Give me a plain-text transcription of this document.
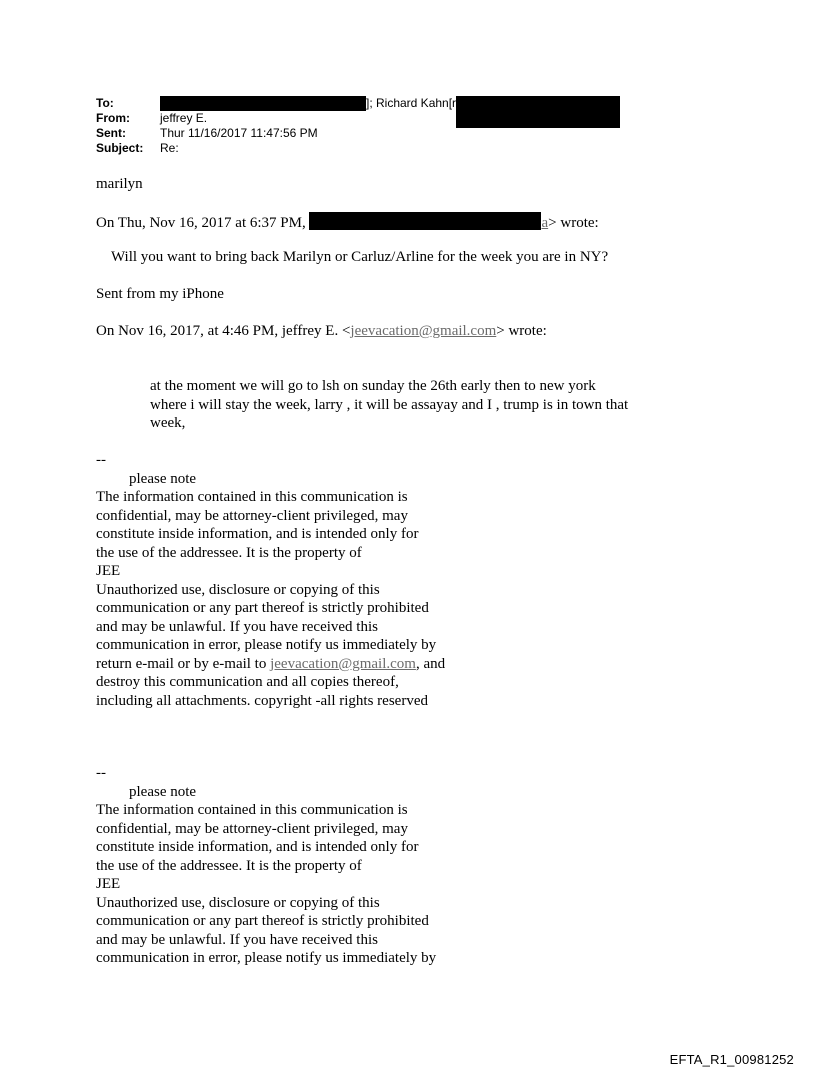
To:	]; Richard Kahn[r
From:	jeffrey E.
Sent:	Thur 11/16/2017 11:47:56 PM
Subject: Re:
marilyn
On Thu, Nov 16, 2017 at 6:37 PM,	a> wrote:
Will you want to bring back Marilyn or Carluz/Arline for the week you are in NY?
Sent from my iPhone
On Nov 16, 2017, at 4:46 PM, jeffrey E. <jeevacation@gmail.com> wrote:
at the moment we will go to lsh on sunday the 26th early then to new york
where i will stay the week, larry , it will be assayay and I , trump is in town that
week,
--
please note
The information contained in this communication is
confidential, may be attorney-client privileged, may
constitute inside information, and is intended only for
the use of the addressee. It is the property of
JEE
Unauthorized use, disclosure or copying of this
communication or any part thereof is strictly prohibited
and may be unlawful. If you have received this
communication in error, please notify us immediately by
return e-mail or by e-mail to jeevacation@gmail.com, and
destroy this communication and all copies thereof,
including all attachments. copyright -all rights reserved
--
please note
The information contained in this communication is
confidential, may be attorney-client privileged, may
constitute inside information, and is intended only for
the use of the addressee. It is the property of
JEE
Unauthorized use, disclosure or copying of this
communication or any part thereof is strictly prohibited
and may be unlawful. If you have received this
communication in error, please notify us immediately by
EFTA_R1_00981252
